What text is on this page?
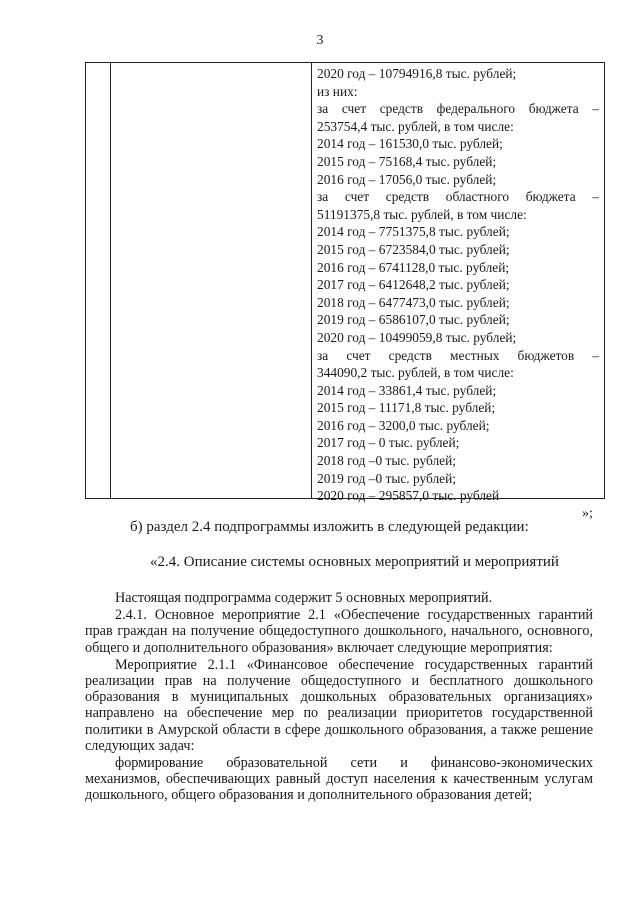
3
2020 год – 10794916,8 тыс. рублей;
из них:
за счет средств федерального бюджета –
253754,4 тыс. рублей, в том числе:
2014 год – 161530,0 тыс. рублей;
2015 год – 75168,4 тыс. рублей;
2016 год – 17056,0 тыс. рублей;
за счет средств областного бюджета –
51191375,8 тыс. рублей, в том числе:
2014 год – 7751375,8 тыс. рублей;
2015 год – 6723584,0 тыс. рублей;
2016 год – 6741128,0 тыс. рублей;
2017 год – 6412648,2 тыс. рублей;
2018 год – 6477473,0 тыс. рублей;
2019 год – 6586107,0 тыс. рублей;
2020 год – 10499059,8 тыс. рублей;
за счет средств местных бюджетов –
344090,2 тыс. рублей, в том числе:
2014 год – 33861,4 тыс. рублей;
2015 год – 11171,8 тыс. рублей;
2016 год – 3200,0 тыс. рублей;
2017 год – 0 тыс. рублей;
2018 год –0 тыс. рублей;
2019 год –0 тыс. рублей;
2020 год – 295857,0 тыс. рублей
»;
б) раздел 2.4 подпрограммы изложить в следующей редакции:
«2.4. Описание системы основных мероприятий и мероприятий

Настоящая подпрограмма содержит 5 основных мероприятий.

2.4.1. Основное мероприятие 2.1 «Обеспечение государственных гарантий прав граждан на получение общедоступного дошкольного, начального, основного, общего и дополнительного образования» включает следующие мероприятия:

Мероприятие 2.1.1 «Финансовое обеспечение государственных гарантий реализации прав на получение общедоступного и бесплатного дошкольного образования в муниципальных дошкольных образовательных организациях» направлено на обеспечение мер по реализации приоритетов государственной политики в Амурской области в сфере дошкольного образования, а также решение следующих задач:

формирование образовательной сети и финансово-экономических механизмов, обеспечивающих равный доступ населения к качественным услугам дошкольного, общего образования и дополнительного образования детей;
